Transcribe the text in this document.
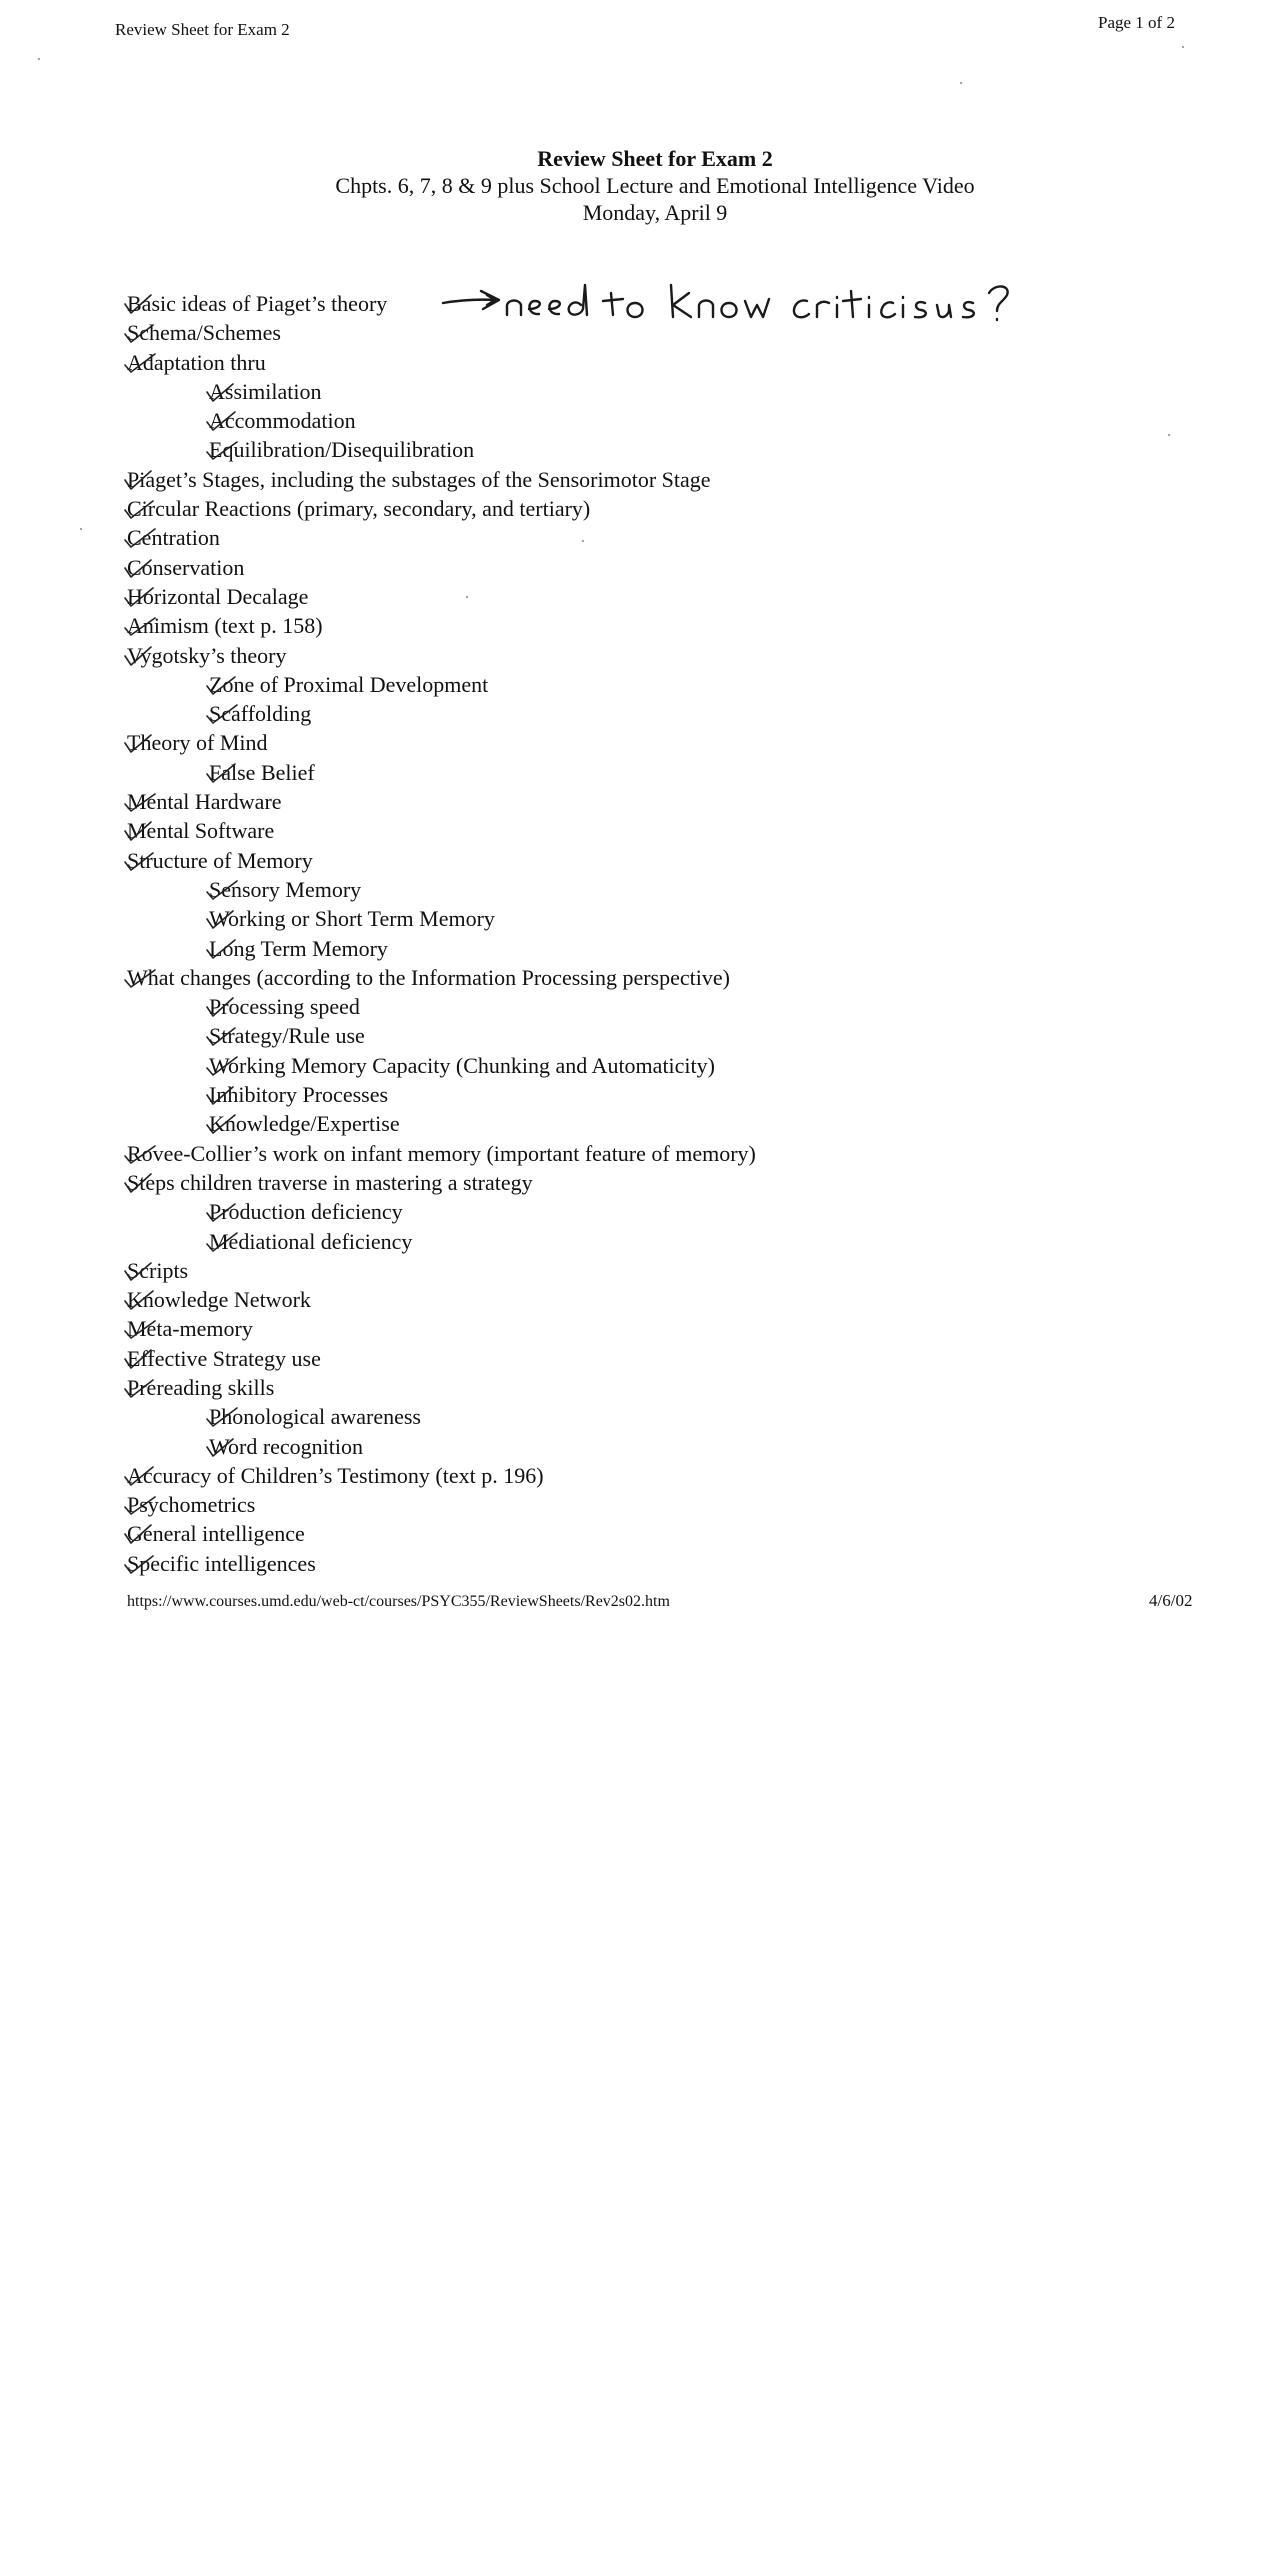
Review Sheet for Exam 2	Page 1 of 2
Review Sheet for Exam 2
Chpts. 6, 7, 8 & 9 plus School Lecture and Emotional Intelligence Video
Monday, April 9
Basic ideas of Piaget’s theory
Schema/Schemes
Adaptation thru
Assimilation
Accommodation
Equilibration/Disequilibration
Piaget’s Stages, including the substages of the Sensorimotor Stage
Circular Reactions (primary, secondary, and tertiary)
Centration
Conservation
Horizontal Decalage
Animism (text p. 158)
Vygotsky’s theory
Zone of Proximal Development
Scaffolding
Theory of Mind
False Belief
Mental Hardware
Mental Software
Structure of Memory
Sensory Memory
Working or Short Term Memory
Long Term Memory
What changes (according to the Information Processing perspective)
Processing speed
Strategy/Rule use
Working Memory Capacity (Chunking and Automaticity)
Inhibitory Processes
Knowledge/Expertise
Rovee-Collier’s work on infant memory (important feature of memory)
Steps children traverse in mastering a strategy
Production deficiency
Mediational deficiency
Scripts
Knowledge Network
Meta-memory
Effective Strategy use
Prereading skills
Phonological awareness
Word recognition
Accuracy of Children’s Testimony (text p. 196)
Psychometrics
General intelligence
Specific intelligences
https://www.courses.umd.edu/web-ct/courses/PSYC355/ReviewSheets/Rev2s02.htm	4/6/02
